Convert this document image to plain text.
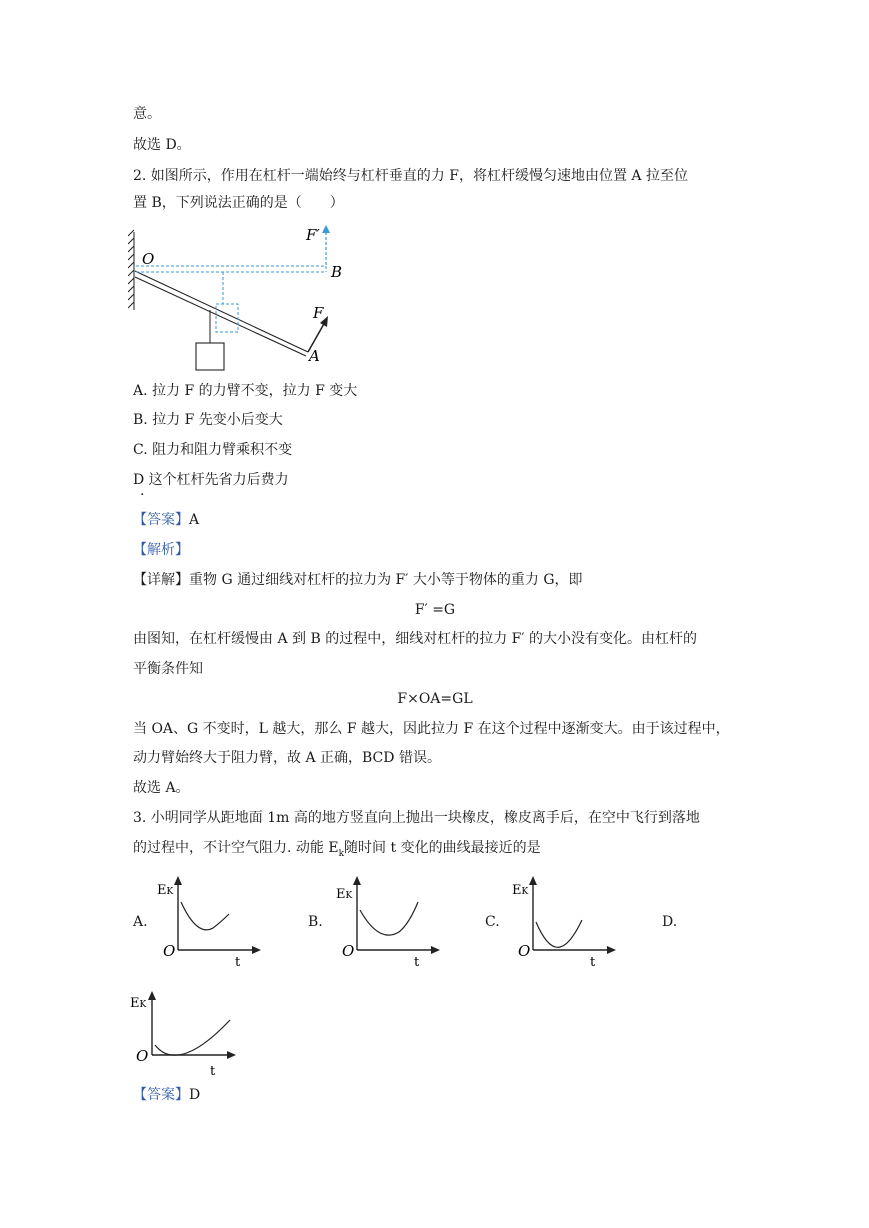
意。
故选 D。
2. 如图所示，作用在杠杆一端始终与杠杆垂直的力 F，将杠杆缓慢匀速地由位置 A 拉至位
置 B，下列说法正确的是（　　）
O
B
A
F
F′
A. 拉力 F 的力臂不变，拉力 F 变大
B. 拉力 F 先变小后变大
C. 阻力和阻力臂乘积不变
D 这个杠杆先省力后费力
·
【答案】A
【解析】
【详解】重物 G 通过细线对杠杆的拉力为 F′ 大小等于物体的重力 G，即
F′ =G
由图知，在杠杆缓慢由 A 到 B 的过程中，细线对杠杆的拉力 F′ 的大小没有变化。由杠杆的
平衡条件知
F×OA=GL
当 OA、G 不变时，L 越大，那么 F 越大，因此拉力 F 在这个过程中逐渐变大。由于该过程中，
动力臂始终大于阻力臂，故 A 正确，BCD 错误。
故选 A。
3. 小明同学从距地面 1m 高的地方竖直向上抛出一块橡皮，橡皮离手后，在空中飞行到落地
的过程中，不计空气阻力. 动能 $E_k$随时间 t 变化的曲线最接近的是
A.	B.	C.	D.
EK
O
t
EK
O
t
EK
O
t
EK
O
t
【答案】D
